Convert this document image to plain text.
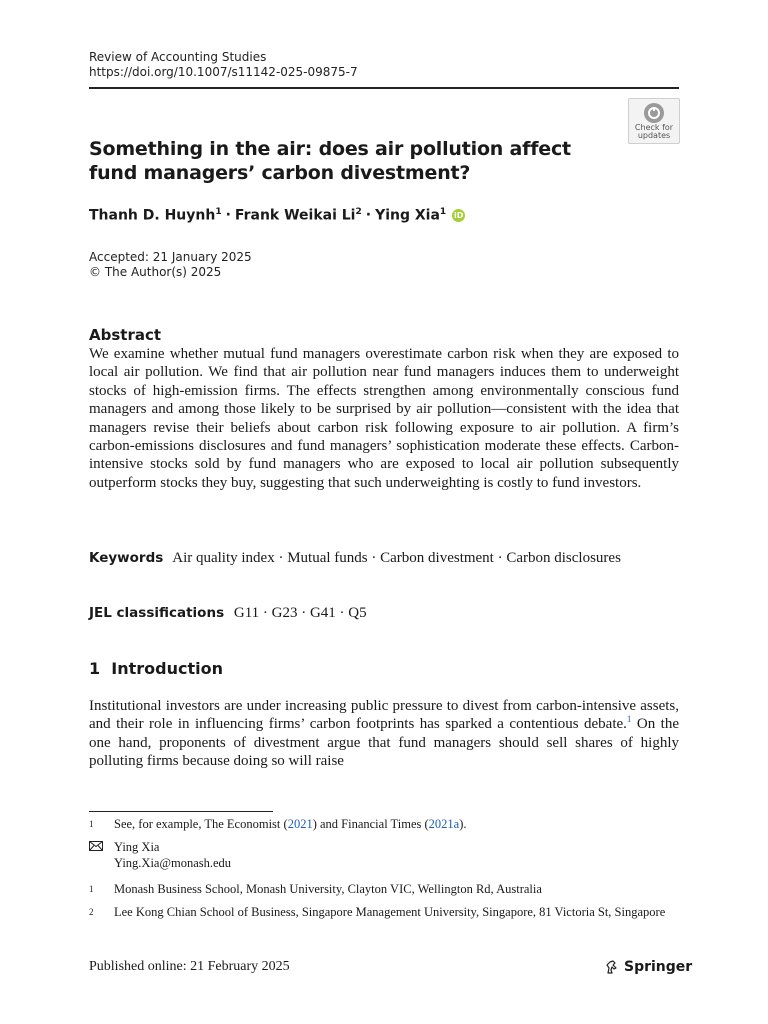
Review of Accounting Studies
https://doi.org/10.1007/s11142-025-09875-7
Check for
updates
Something in the air: does air pollution affect fund managers’ carbon divestment?
Thanh D. Huynh$^1$ · Frank Weikai $Li^2$ · Ying Xia$^1$ iD
Accepted: 21 January 2025
© The Author(s) 2025
Abstract
We examine whether mutual fund managers overestimate carbon risk when they are exposed to local air pollution. We find that air pollution near fund managers induces them to underweight stocks of high-emission firms. The effects strengthen among environmentally conscious fund managers and among those likely to be surprised by air pollution—consistent with the idea that managers revise their beliefs about carbon risk following exposure to air pollution. A firm’s carbon-emissions disclosures and fund managers’ sophistication moderate these effects. Carbon-intensive stocks sold by fund managers who are exposed to local air pollution subsequently outperform stocks they buy, suggesting that such underweighting is costly to fund investors.
Keywords Air quality index · Mutual funds · Carbon divestment · Carbon disclosures
JEL classifications G11 · G23 · G41 · Q5
1  Introduction
Institutional investors are under increasing public pressure to divest from carbon-intensive assets, and their role in influencing firms’ carbon footprints has sparked a contentious debate.$^1$ On the one hand, proponents of divestment argue that fund managers should sell shares of highly polluting firms because doing so will raise
1 See, for example, The Economist (2021) and Financial Times (2021a).
Ying Xia
Ying.Xia@monash.edu
1 Monash Business School, Monash University, Clayton VIC, Wellington Rd, Australia
2 Lee Kong Chian School of Business, Singapore Management University, Singapore, 81 Victoria St, Singapore
Published online: 21 February 2025	Springer
